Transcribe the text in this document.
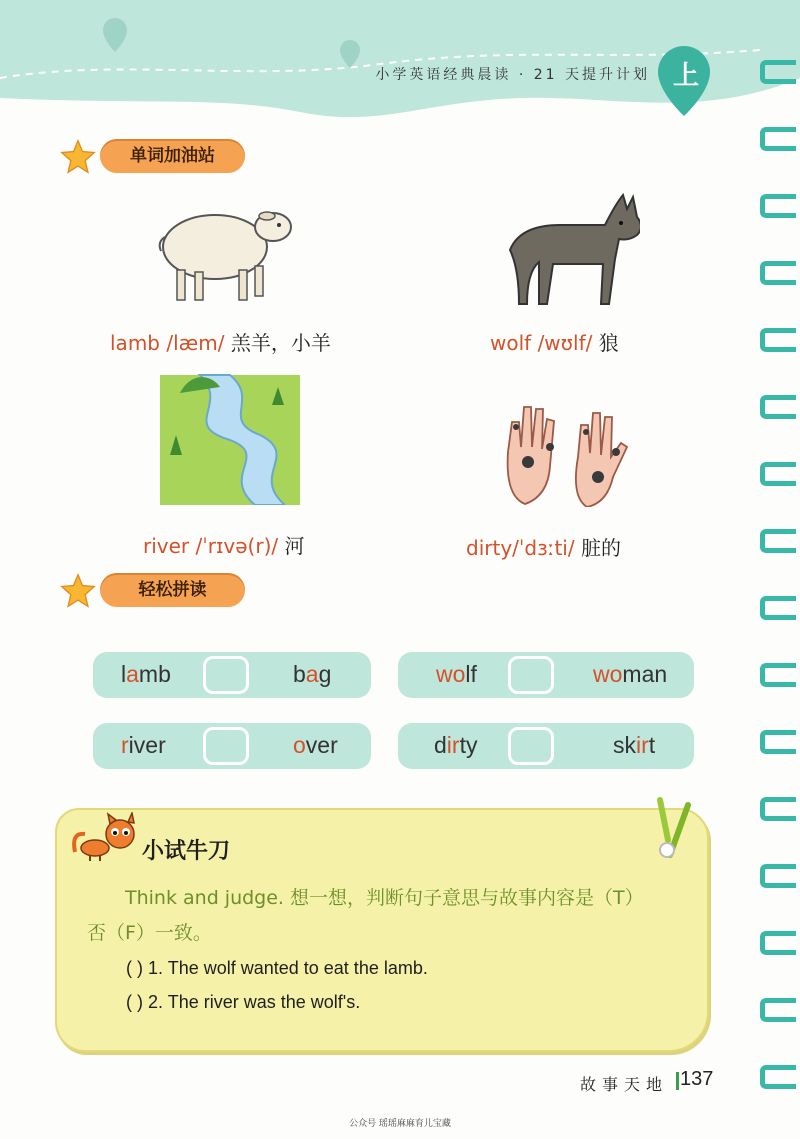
小学英语经典晨读 · 21 天提升计划 上
单词加油站
lamb /læm/ 羔羊，小羊	wolf /wʊlf/ 狼
river /ˈrɪvə(r)/ 河	dirty/ˈdɜːti/ 脏的
轻松拼读
lamb	bag	wolf	woman
river	over	dirty	skirt
小试牛刀
Think and judge. 想一想，判断句子意思与故事内容是（T）
否（F）一致。
( ) 1. The wolf wanted to eat the lamb.
( ) 2. The river was the wolf's.
故事天地 137
公众号 瑶瑶麻麻育儿宝藏
